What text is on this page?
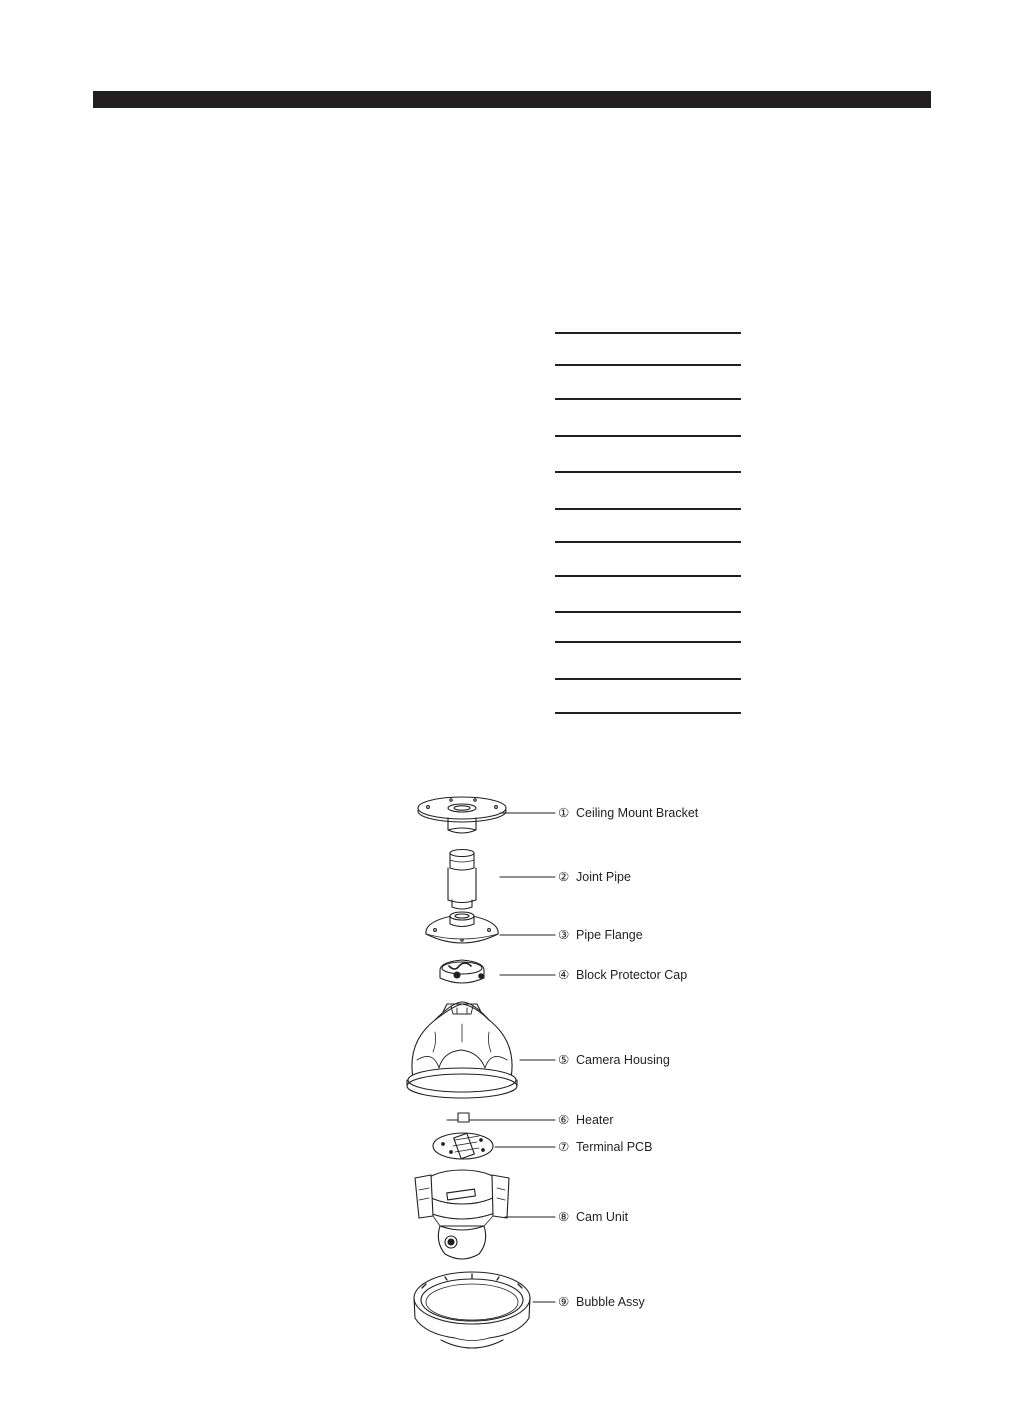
① Ceiling Mount Bracket
② Joint Pipe
③ Pipe Flange
④ Block Protector Cap
⑤ Camera Housing
⑥ Heater
⑦ Terminal PCB
⑧ Cam Unit
⑨ Bubble Assy
